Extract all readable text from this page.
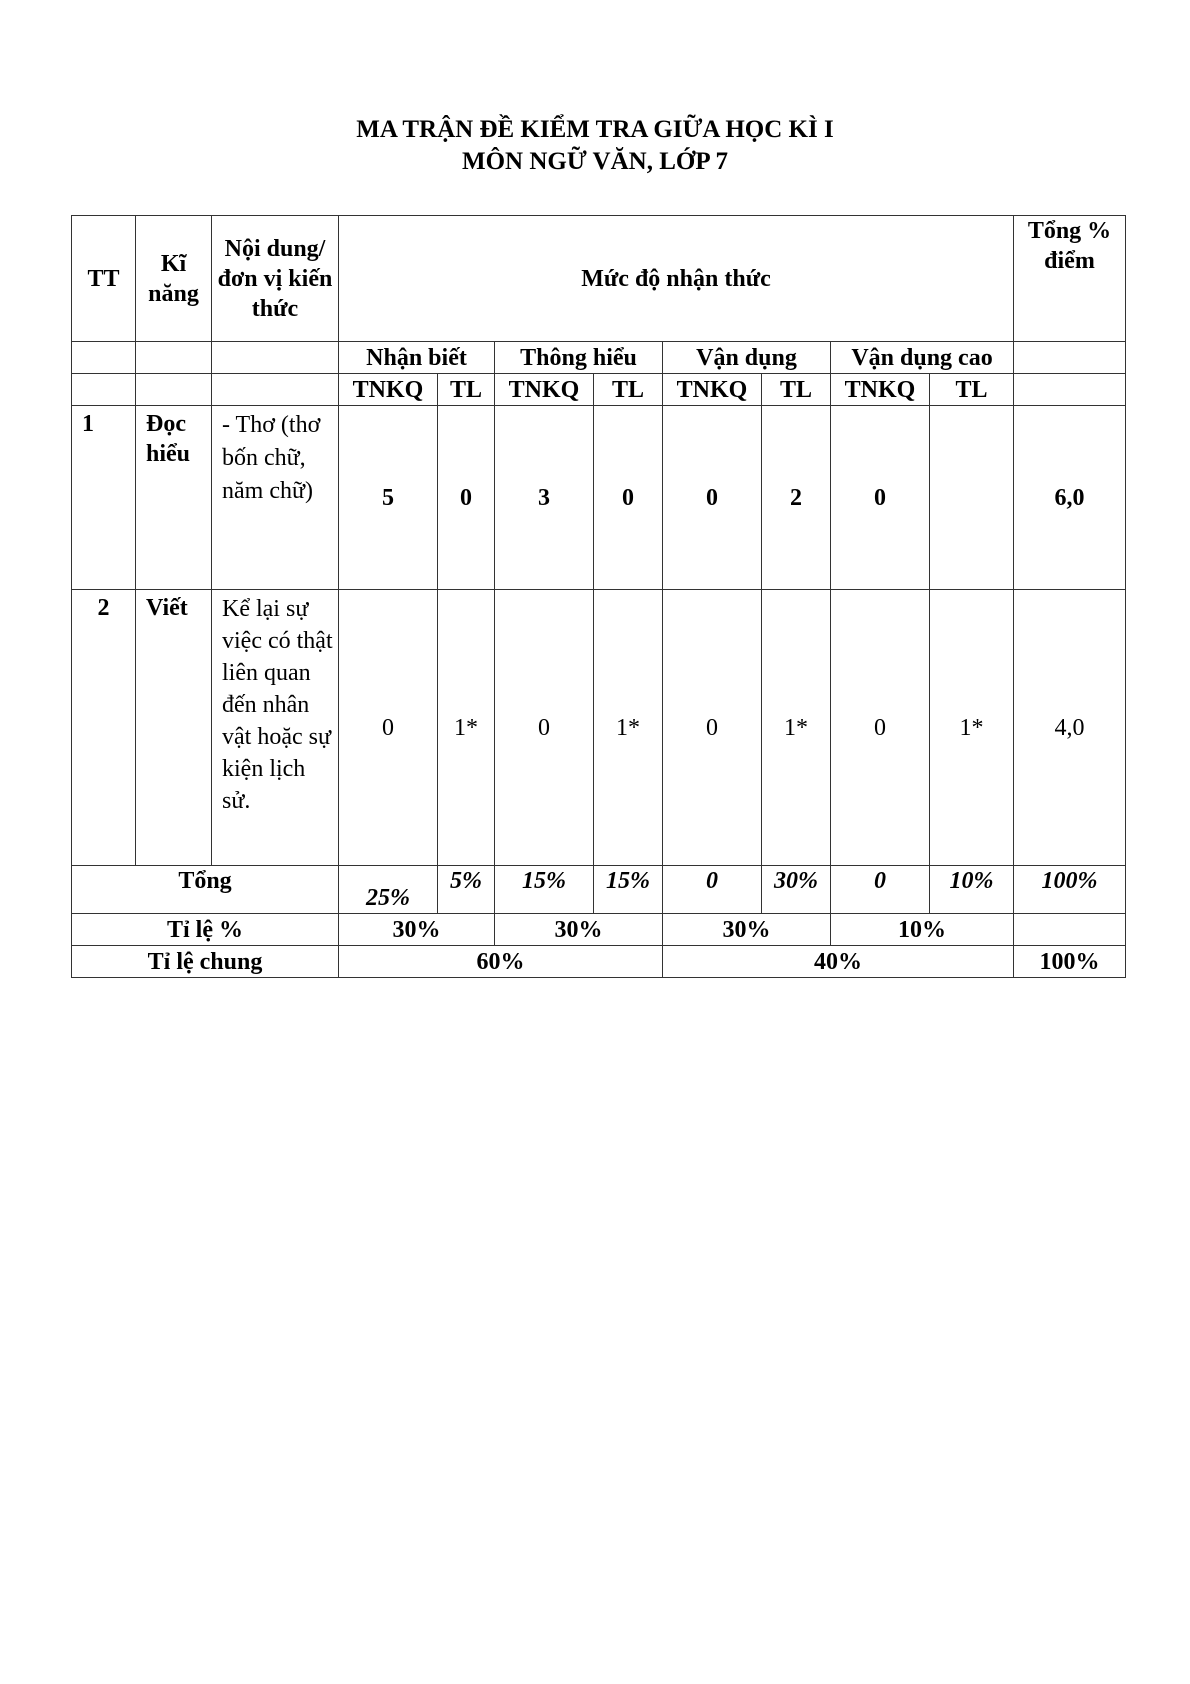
MA TRẬN ĐỀ KIỂM TRA GIỮA HỌC KÌ I
MÔN NGỮ VĂN, LỚP 7
TT	Kĩ năng	Nội dung/đơn vị kiến thức	Mức độ nhận thức								Tổng % điểm
			Nhận biết		Thông hiểu		Vận dụng		Vận dụng cao		
			TNKQ	TL	TNKQ	TL	TNKQ	TL	TNKQ	TL	
1	Đọc hiểu	- Thơ (thơ bốn chữ, năm chữ)	5	0	3	0	0	2	0		6,0
2	Viết	Kể lại sự việc có thật liên quan đến nhân vật hoặc sự kiện lịch sử.	0	1*	0	1*	0	1*	0	1*	4,0
Tổng			25%	5%	15%	15%	0	30%	0	10%	100%
Tỉ lệ %			30%		30%		30%		10%		
Tỉ lệ chung			60%				40%				100%
